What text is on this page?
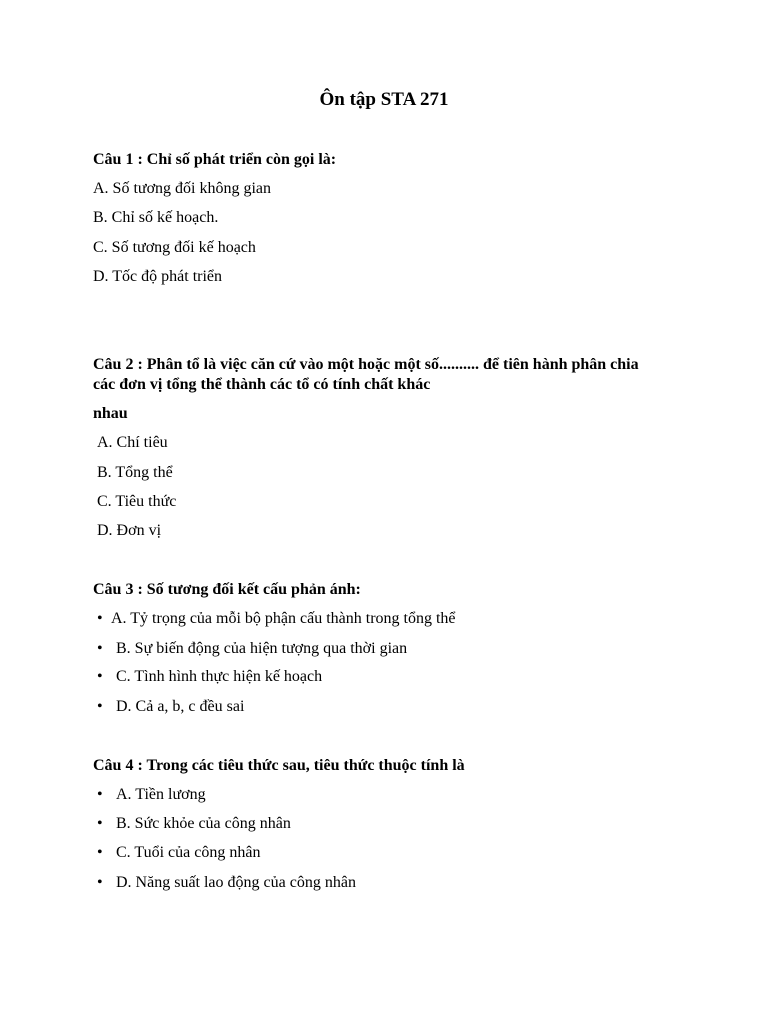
Ôn tập STA 271
Câu 1 : Chỉ số phát triển còn gọi là:
A. Số tương đối không gian
B. Chỉ số kế hoạch.
C. Số tương đối kế hoạch
D. Tốc độ phát triển
Câu 2 : Phân tổ là việc căn cứ vào một hoặc một số.......... để tiên hành phân chia
các đơn vị tổng thể thành các tổ có tính chất khác
nhau
A. Chí tiêu
B. Tổng thể
C. Tiêu thức
D. Đơn vị
Câu 3 : Số tương đối kết cấu phản ánh:
• A. Tỷ trọng của mỗi bộ phận cấu thành trong tổng thể
• B. Sự biến động của hiện tượng qua thời gian
• C. Tình hình thực hiện kế hoạch
• D. Cả a, b, c đều sai
Câu 4 : Trong các tiêu thức sau, tiêu thức thuộc tính là
• A. Tiền lương
• B. Sức khỏe của công nhân
• C. Tuổi của công nhân
• D. Năng suất lao động của công nhân
